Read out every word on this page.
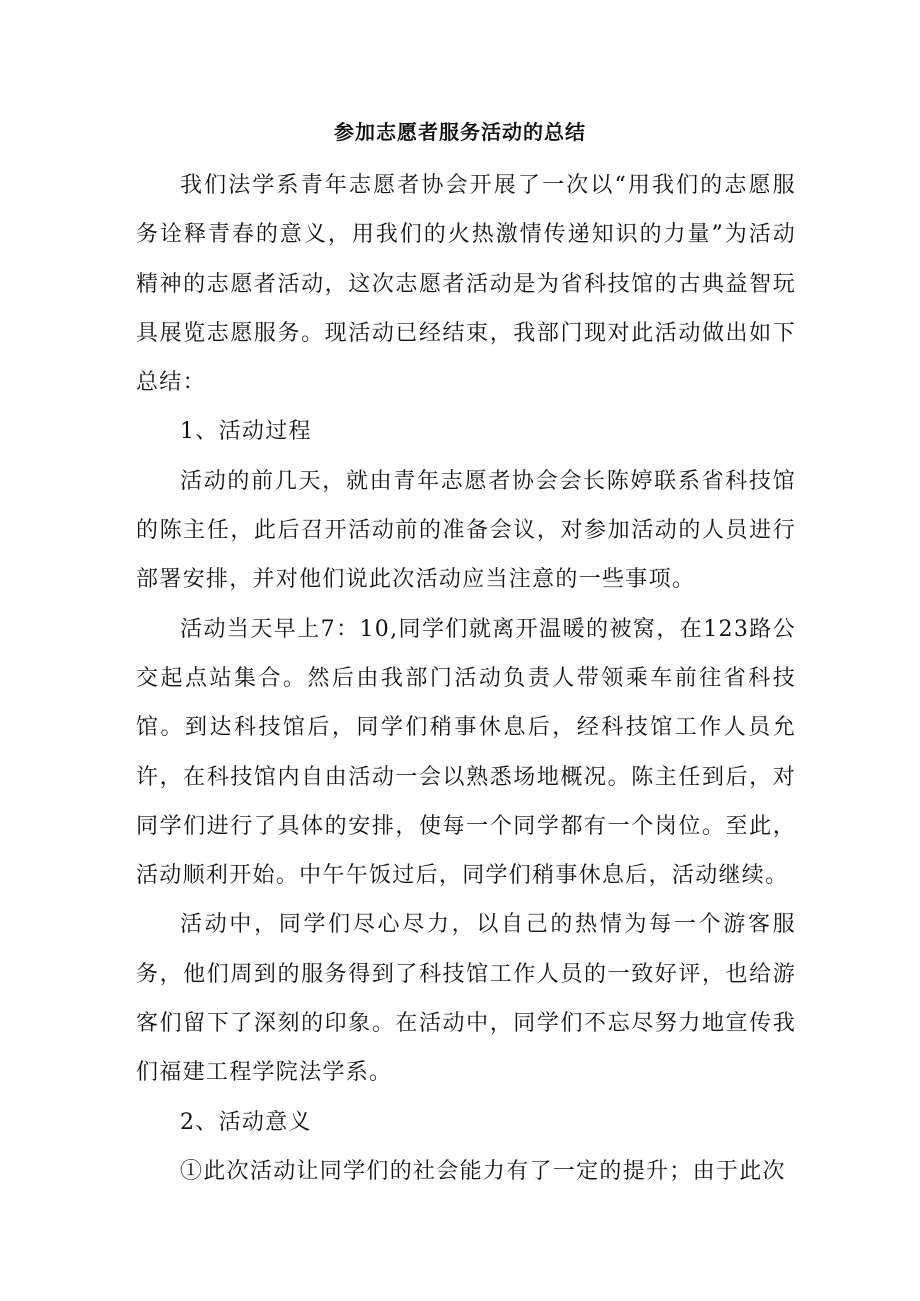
参加志愿者服务活动的总结

我们法学系青年志愿者协会开展了一次以“用我们的志愿服务诠释青春的意义，用我们的火热激情传递知识的力量”为活动精神的志愿者活动，这次志愿者活动是为省科技馆的古典益智玩具展览志愿服务。现活动已经结束，我部门现对此活动做出如下总结：

1、活动过程

活动的前几天，就由青年志愿者协会会长陈婷联系省科技馆的陈主任，此后召开活动前的准备会议，对参加活动的人员进行部署安排，并对他们说此次活动应当注意的一些事项。

活动当天早上7：10,同学们就离开温暖的被窝，在123路公交起点站集合。然后由我部门活动负责人带领乘车前往省科技馆。到达科技馆后，同学们稍事休息后，经科技馆工作人员允许，在科技馆内自由活动一会以熟悉场地概况。陈主任到后，对同学们进行了具体的安排，使每一个同学都有一个岗位。至此，活动顺利开始。中午午饭过后，同学们稍事休息后，活动继续。

活动中，同学们尽心尽力，以自己的热情为每一个游客服务，他们周到的服务得到了科技馆工作人员的一致好评，也给游客们留下了深刻的印象。在活动中，同学们不忘尽努力地宣传我们福建工程学院法学系。

2、活动意义

①此次活动让同学们的社会能力有了一定的提升；由于此次
